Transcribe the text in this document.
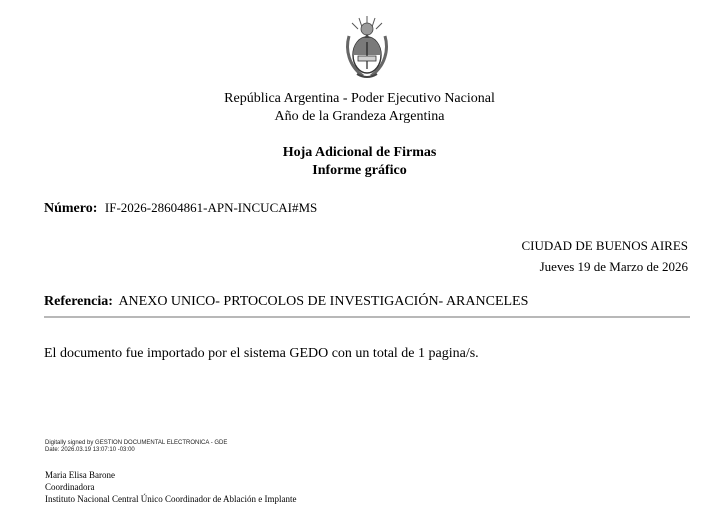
República Argentina - Poder Ejecutivo Nacional
Año de la Grandeza Argentina
Hoja Adicional de Firmas
Informe gráfico
Número: IF-2026-28604861-APN-INCUCAI#MS
CIUDAD DE BUENOS AIRES
Jueves 19 de Marzo de 2026
Referencia: ANEXO UNICO- PRTOCOLOS DE INVESTIGACIÓN- ARANCELES
El documento fue importado por el sistema GEDO con un total de 1 pagina/s.
Digitally signed by GESTION DOCUMENTAL ELECTRONICA - GDE
Date: 2026.03.19 13:07:10 -03:00
Maria Elisa Barone
Coordinadora
Instituto Nacional Central Único Coordinador de Ablación e Implante
